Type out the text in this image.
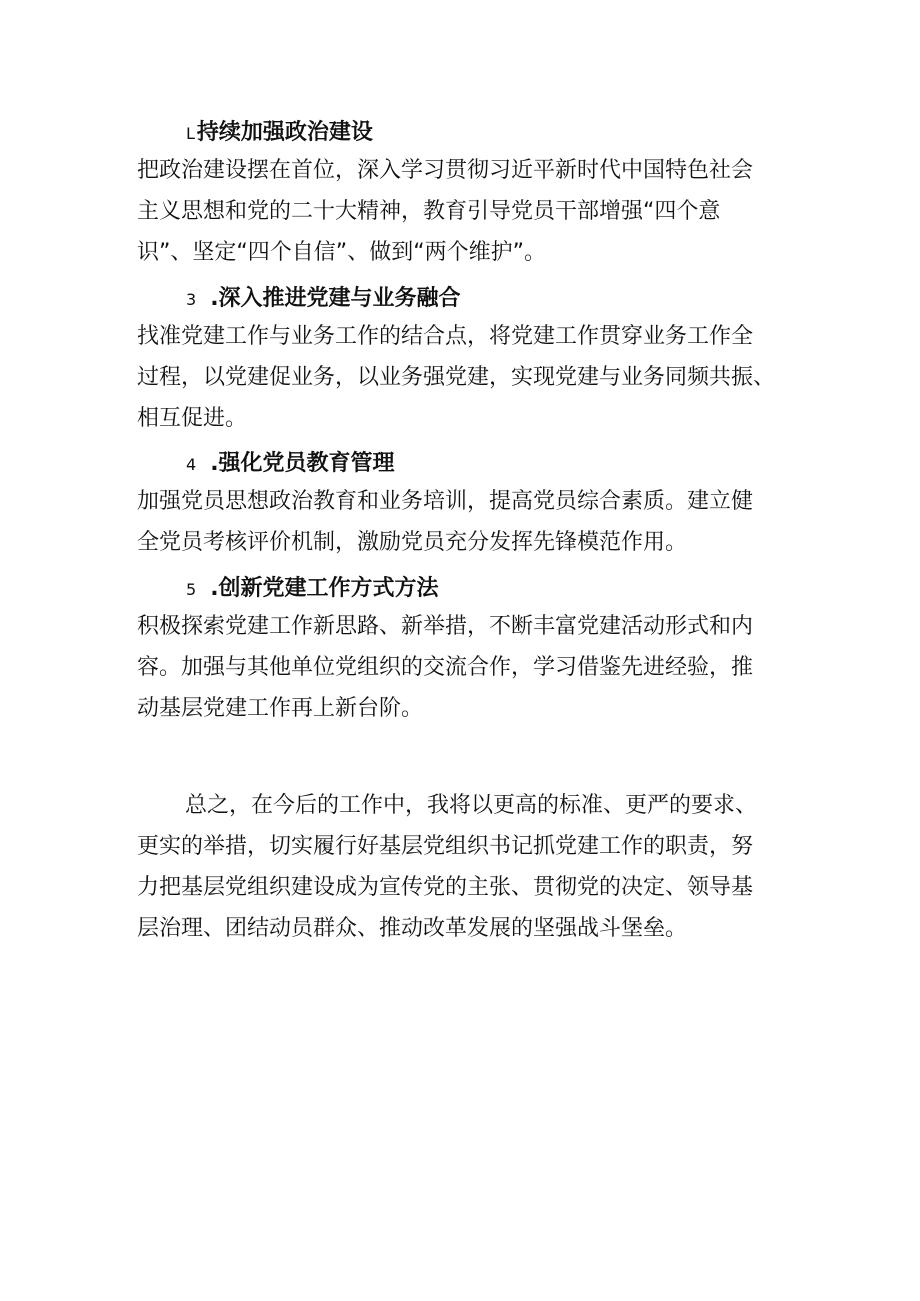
L持续加强政治建设

把政治建设摆在首位，深入学习贯彻习近平新时代中国特色社会
主义思想和党的二十大精神，教育引导党员干部增强“四个意
识”、坚定“四个自信”、做到“两个维护”。

3 .深入推进党建与业务融合

找准党建工作与业务工作的结合点，将党建工作贯穿业务工作全
过程，以党建促业务，以业务强党建，实现党建与业务同频共振、
相互促进。

4 .强化党员教育管理

加强党员思想政治教育和业务培训，提高党员综合素质。建立健
全党员考核评价机制，激励党员充分发挥先锋模范作用。

5 .创新党建工作方式方法

积极探索党建工作新思路、新举措，不断丰富党建活动形式和内
容。加强与其他单位党组织的交流合作，学习借鉴先进经验，推
动基层党建工作再上新台阶。

总之，在今后的工作中，我将以更高的标准、更严的要求、
更实的举措，切实履行好基层党组织书记抓党建工作的职责，努
力把基层党组织建设成为宣传党的主张、贯彻党的决定、领导基
层治理、团结动员群众、推动改革发展的坚强战斗堡垒。
